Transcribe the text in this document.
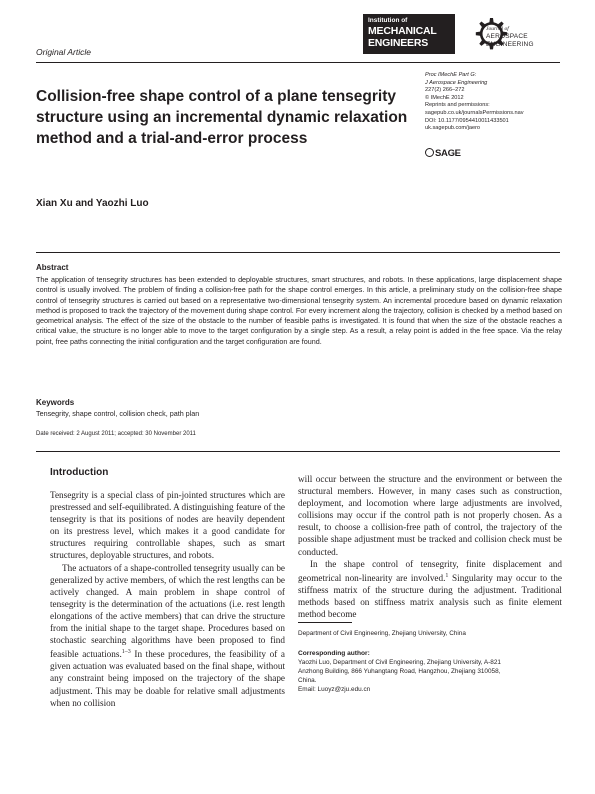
Institution of
MECHANICAL
ENGINEERS
Journal of
AEROSPACE
ENGINEERING
Original Article
Proc IMechE Part G:
J Aerospace Engineering
227(2) 266–272
© IMechE 2012
Reprints and permissions:
sagepub.co.uk/journalsPermissions.nav
DOI: 10.1177/0954410011433501
uk.sagepub.com/jaero
SAGE
Collision-free shape control of a plane tensegrity structure using an incremental dynamic relaxation method and a trial-and-error process
Xian Xu and Yaozhi Luo
Abstract
The application of tensegrity structures has been extended to deployable structures, smart structures, and robots. In these applications, large displacement shape control is usually involved. The problem of finding a collision-free path for the shape control emerges. In this article, a preliminary study on the collision-free shape control of tensegrity structures is carried out based on a representative two-dimensional tensegrity system. An incremental procedure based on dynamic relaxation method is proposed to track the trajectory of the movement during shape control. For every increment along the trajectory, collision is checked by a method based on geometrical analysis. The effect of the size of the obstacle to the number of feasible paths is investigated. It is found that when the size of the obstacle reaches a critical value, the structure is no longer able to move to the target configuration by a single step. As a result, a relay point is added in the free space. Via the relay point, free paths connecting the initial configuration and the target configuration are found.
Keywords
Tensegrity, shape control, collision check, path plan
Date received: 2 August 2011; accepted: 30 November 2011
Introduction

Tensegrity is a special class of pin-jointed structures which are prestressed and self-equilibrated. A distinguishing feature of the tensegrity is that its positions of nodes are heavily dependent on its prestress level, which makes it a good candidate for structures requiring controllable shapes, such as smart structures, deployable structures, and robots.

The actuators of a shape-controlled tensegrity usually can be generalized by active members, of which the rest lengths can be actively changed. A main problem in shape control of tensegrity is the determination of the actuations (i.e. rest length elongations of the active members) that can drive the structure from the initial shape to the target shape. Procedures based on stochastic searching algorithms have been proposed to find feasible actuations.$^{1-3}$ In these procedures, the feasibility of a given actuation was evaluated based on the final shape, without any constraint being imposed on the trajectory of the shape adjustment. This may be doable for relative small adjustments when no collision

will occur between the structure and the environment or between the structural members. However, in many cases such as construction, deployment, and locomotion where large adjustments are involved, collisions may occur if the control path is not properly chosen. As a result, to choose a collision-free path of control, the trajectory of the possible shape adjustment must be tracked and collision check must be conducted.

In the shape control of tensegrity, finite displacement and geometrical non-linearity are involved.$^1$ Singularity may occur to the stiffness matrix of the structure during the adjustment. Traditional methods based on stiffness matrix analysis such as finite element method become

Department of Civil Engineering, Zhejiang University, China
Corresponding author:
Yaozhi Luo, Department of Civil Engineering, Zhejiang University, A-821
Anzhong Building, 866 Yuhangtang Road, Hangzhou, Zhejiang 310058,
China.
Email: Luoyz@zju.edu.cn
